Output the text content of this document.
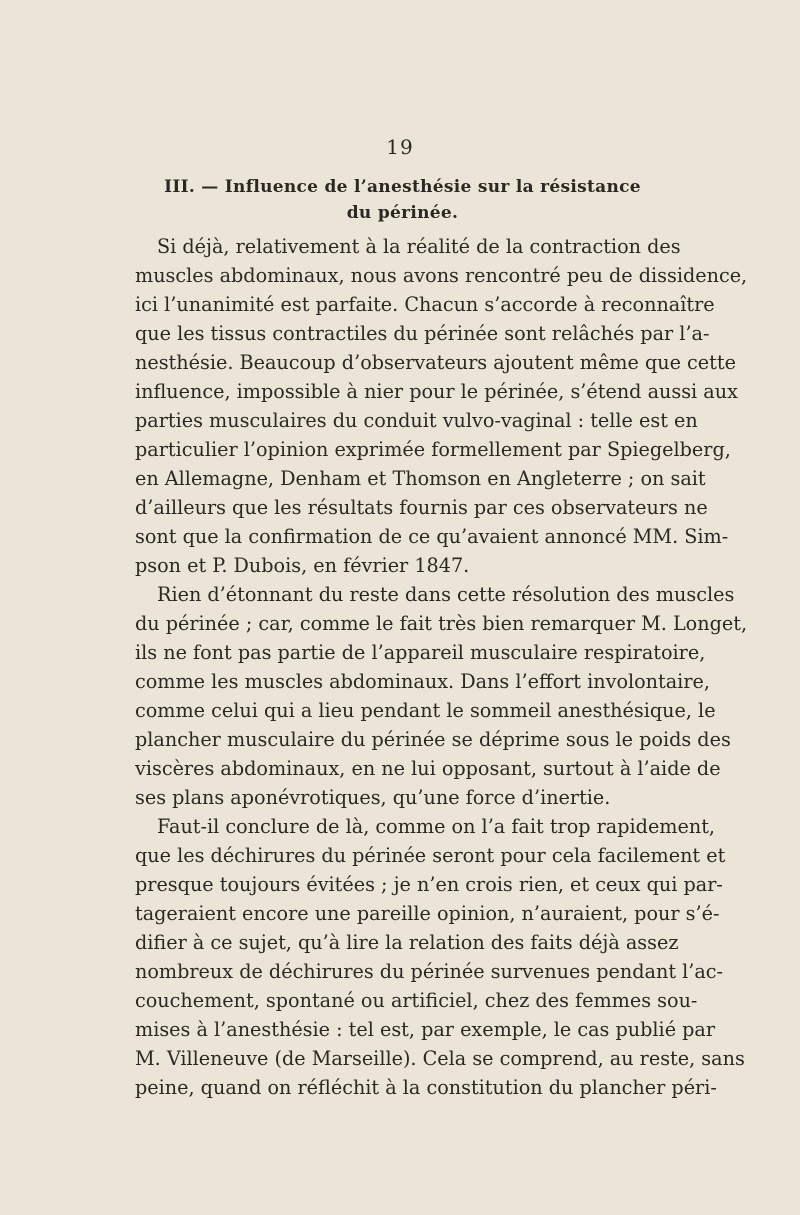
19
III. — Influence de l’anesthésie sur la résistance
du périnée.
Si déjà, relativement à la réalité de la contraction des
muscles abdominaux, nous avons rencontré peu de dissidence,
ici l’unanimité est parfaite. Chacun s’accorde à reconnaître
que les tissus contractiles du périnée sont relâchés par l’a-
nesthésie. Beaucoup d’observateurs ajoutent même que cette
influence, impossible à nier pour le périnée, s’étend aussi aux
parties musculaires du conduit vulvo-vaginal : telle est en
particulier l’opinion exprimée formellement par Spiegelberg,
en Allemagne, Denham et Thomson en Angleterre ; on sait
d’ailleurs que les résultats fournis par ces observateurs ne
sont que la confirmation de ce qu’avaient annoncé MM. Sim-
pson et P. Dubois, en février 1847.
Rien d’étonnant du reste dans cette résolution des muscles
du périnée ; car, comme le fait très bien remarquer M. Longet,
ils ne font pas partie de l’appareil musculaire respiratoire,
comme les muscles abdominaux. Dans l’effort involontaire,
comme celui qui a lieu pendant le sommeil anesthésique, le
plancher musculaire du périnée se déprime sous le poids des
viscères abdominaux, en ne lui opposant, surtout à l’aide de
ses plans aponévrotiques, qu’une force d’inertie.
Faut-il conclure de là, comme on l’a fait trop rapidement,
que les déchirures du périnée seront pour cela facilement et
presque toujours évitées ; je n’en crois rien, et ceux qui par-
tageraient encore une pareille opinion, n’auraient, pour s’é-
difier à ce sujet, qu’à lire la relation des faits déjà assez
nombreux de déchirures du périnée survenues pendant l’ac-
couchement, spontané ou artificiel, chez des femmes sou-
mises à l’anesthésie : tel est, par exemple, le cas publié par
M. Villeneuve (de Marseille). Cela se comprend, au reste, sans
peine, quand on réfléchit à la constitution du plancher péri-
